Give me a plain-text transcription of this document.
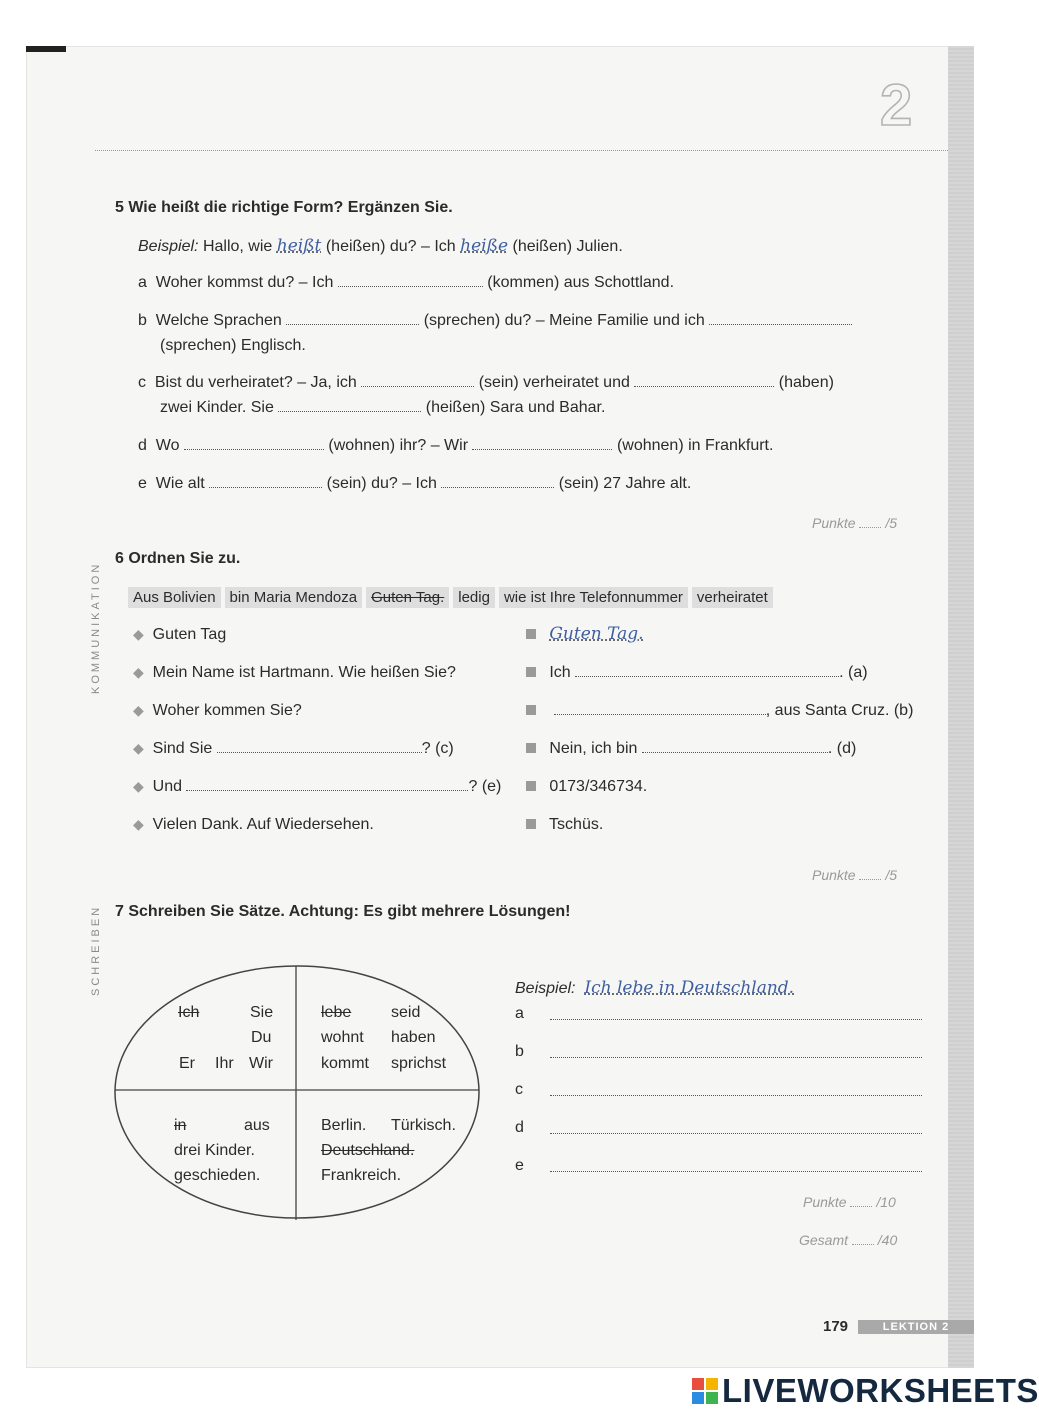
2
5 Wie heißt die richtige Form? Ergänzen Sie.
Beispiel: Hallo, wie heißt (heißen) du? – Ich heiße (heißen) Julien.
a Woher kommst du? – Ich	(kommen) aus Schottland.
b Welche Sprachen	(sprechen) du? – Meine Familie und ich
(sprechen) Englisch.
c Bist du verheiratet? – Ja, ich	(sein) verheiratet und	(haben)
zwei Kinder. Sie	(heißen) Sara und Bahar.
d Wo	(wohnen) ihr? – Wir	(wohnen) in Frankfurt.
e Wie alt	(sein) du? – Ich	(sein) 27 Jahre alt.
Punkte /5
KOMMUNIKATION
SCHREIBEN
6 Ordnen Sie zu.
Aus Bolivien bin Maria Mendoza Guten Tag. ledig wie ist Ihre Telefonnummer verheiratet
◆ Guten Tag
◆ Mein Name ist Hartmann. Wie heißen Sie?
◆ Woher kommen Sie?
◆ Sind Sie	? (c)
◆ Und	? (e)
◆ Vielen Dank. Auf Wiedersehen.
Guten Tag.
Ich	. (a)
, aus Santa Cruz. (b)
Nein, ich bin	. (d)
0173/346734.
Tschüs.
Punkte /5
7 Schreiben Sie Sätze. Achtung: Es gibt mehrere Lösungen!
Ich	Sie
Du
Er Ihr Wir
lebe seid
wohnt haben
kommt sprichst
in	aus
drei Kinder.
geschieden.
Berlin. Türkisch.
Deutschland.
Frankreich.
Beispiel: Ich lebe in Deutschland.
a
b
c
d
e
Punkte /10
Gesamt /40
179	LEKTION 2
LIVEWORKSHEETS
